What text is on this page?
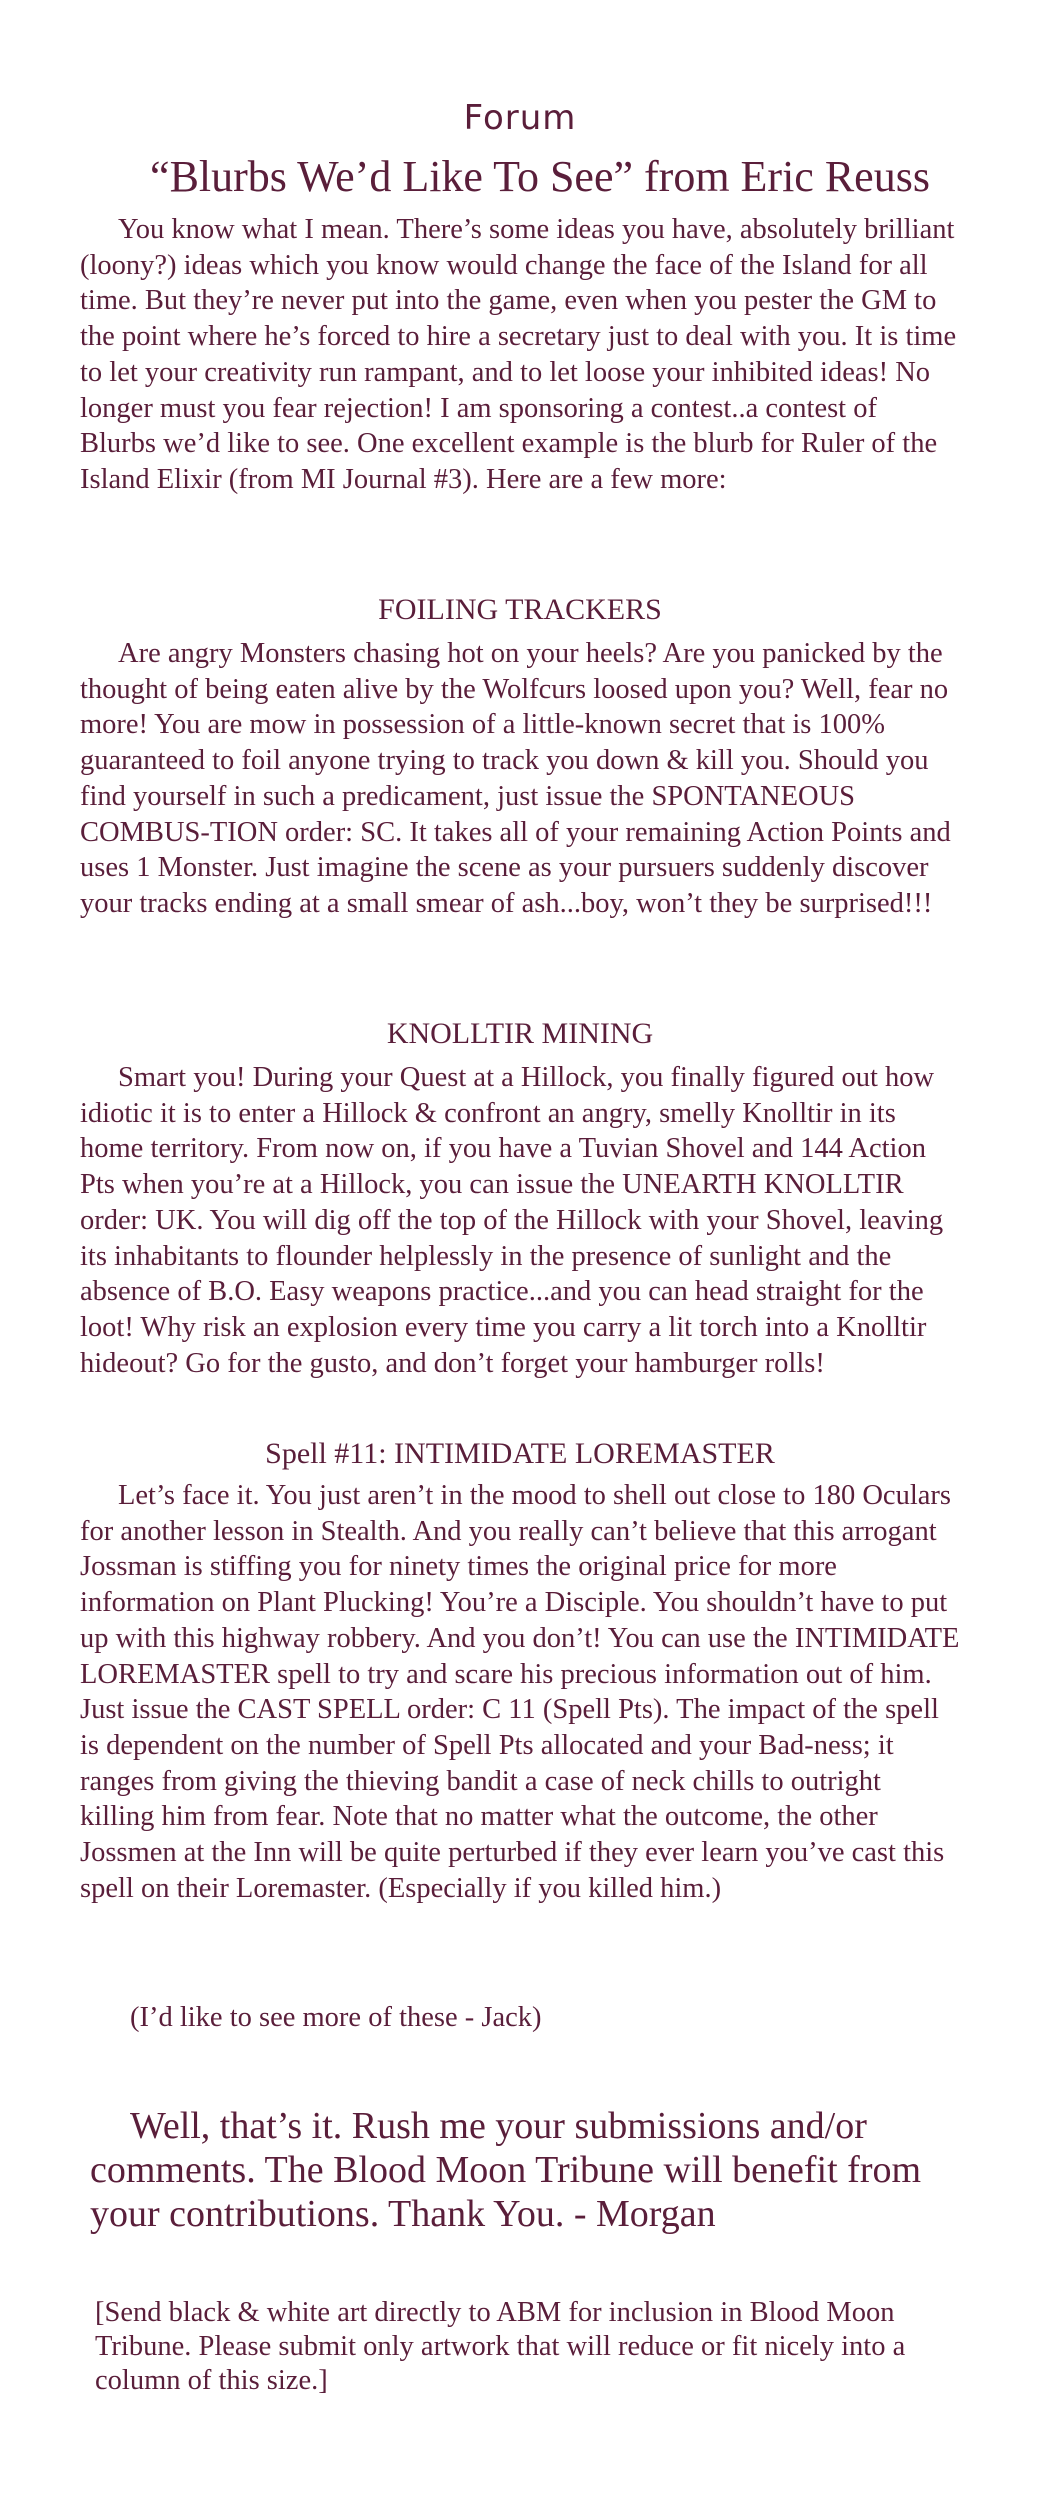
Forum
“Blurbs We’d Like To See” from Eric Reuss

You know what I mean. There’s some ideas you have, absolutely brilliant (loony?) ideas which you know would change the face of the Island for all time. But they’re never put into the game, even when you pester the GM to the point where he’s forced to hire a secretary just to deal with you. It is time to let your creativity run rampant, and to let loose your inhibited ideas! No longer must you fear rejection! I am sponsoring a contest..a contest of Blurbs we’d like to see. One excellent example is the blurb for Ruler of the Island Elixir (from MI Journal #3). Here are a few more:

FOILING TRACKERS

Are angry Monsters chasing hot on your heels? Are you panicked by the thought of being eaten alive by the Wolfcurs loosed upon you? Well, fear no more! You are mow in possession of a little-known secret that is 100% guaranteed to foil anyone trying to track you down & kill you. Should you find yourself in such a predicament, just issue the SPONTANEOUS COMBUS-TION order: SC. It takes all of your remaining Action Points and uses 1 Monster. Just imagine the scene as your pursuers suddenly discover your tracks ending at a small smear of ash...boy, won’t they be surprised!!!

KNOLLTIR MINING

Smart you! During your Quest at a Hillock, you finally figured out how idiotic it is to enter a Hillock & confront an angry, smelly Knolltir in its home territory. From now on, if you have a Tuvian Shovel and 144 Action Pts when you’re at a Hillock, you can issue the UNEARTH KNOLLTIR order: UK. You will dig off the top of the Hillock with your Shovel, leaving its inhabitants to flounder helplessly in the presence of sunlight and the absence of B.O. Easy weapons practice...and you can head straight for the loot! Why risk an explosion every time you carry a lit torch into a Knolltir hideout? Go for the gusto, and don’t forget your hamburger rolls!

Spell #11: INTIMIDATE LOREMASTER

Let’s face it. You just aren’t in the mood to shell out close to 180 Oculars for another lesson in Stealth. And you really can’t believe that this arrogant Jossman is stiffing you for ninety times the original price for more information on Plant Plucking! You’re a Disciple. You shouldn’t have to put up with this highway robbery. And you don’t! You can use the INTIMIDATE LOREMASTER spell to try and scare his precious information out of him. Just issue the CAST SPELL order: C 11 (Spell Pts). The impact of the spell is dependent on the number of Spell Pts allocated and your Bad-ness; it ranges from giving the thieving bandit a case of neck chills to outright killing him from fear. Note that no matter what the outcome, the other Jossmen at the Inn will be quite perturbed if they ever learn you’ve cast this spell on their Loremaster. (Especially if you killed him.)

(I’d like to see more of these - Jack)

Well, that’s it. Rush me your submissions and/or comments. The Blood Moon Tribune will benefit from your contributions. Thank You. - Morgan

[Send black & white art directly to ABM for inclusion in Blood Moon Tribune. Please submit only artwork that will reduce or fit nicely into a column of this size.]
